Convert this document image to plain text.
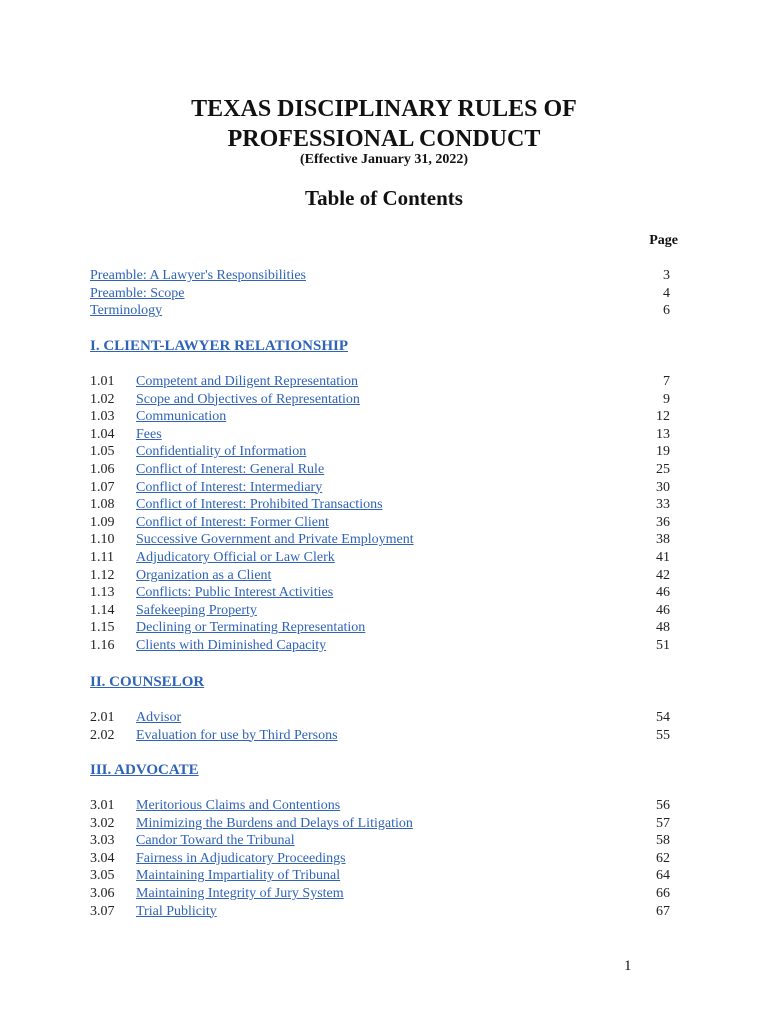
TEXAS DISCIPLINARY RULES OF
PROFESSIONAL CONDUCT
(Effective January 31, 2022)
Table of Contents
Page
Preamble: A Lawyer's Responsibilities	3
Preamble: Scope	4
Terminology	6
I. CLIENT-LAWYER RELATIONSHIP
1.01 Competent and Diligent Representation	7
1.02 Scope and Objectives of Representation	9
1.03 Communication	12
1.04 Fees	13
1.05 Confidentiality of Information	19
1.06 Conflict of Interest: General Rule	25
1.07 Conflict of Interest: Intermediary	30
1.08 Conflict of Interest: Prohibited Transactions	33
1.09 Conflict of Interest: Former Client	36
1.10 Successive Government and Private Employment	38
1.11 Adjudicatory Official or Law Clerk	41
1.12 Organization as a Client	42
1.13 Conflicts: Public Interest Activities	46
1.14 Safekeeping Property	46
1.15 Declining or Terminating Representation	48
1.16 Clients with Diminished Capacity	51
II. COUNSELOR
2.01 Advisor	54
2.02 Evaluation for use by Third Persons	55
III. ADVOCATE
3.01 Meritorious Claims and Contentions	56
3.02 Minimizing the Burdens and Delays of Litigation	57
3.03 Candor Toward the Tribunal	58
3.04 Fairness in Adjudicatory Proceedings	62
3.05 Maintaining Impartiality of Tribunal	64
3.06 Maintaining Integrity of Jury System	66
3.07 Trial Publicity	67
1
